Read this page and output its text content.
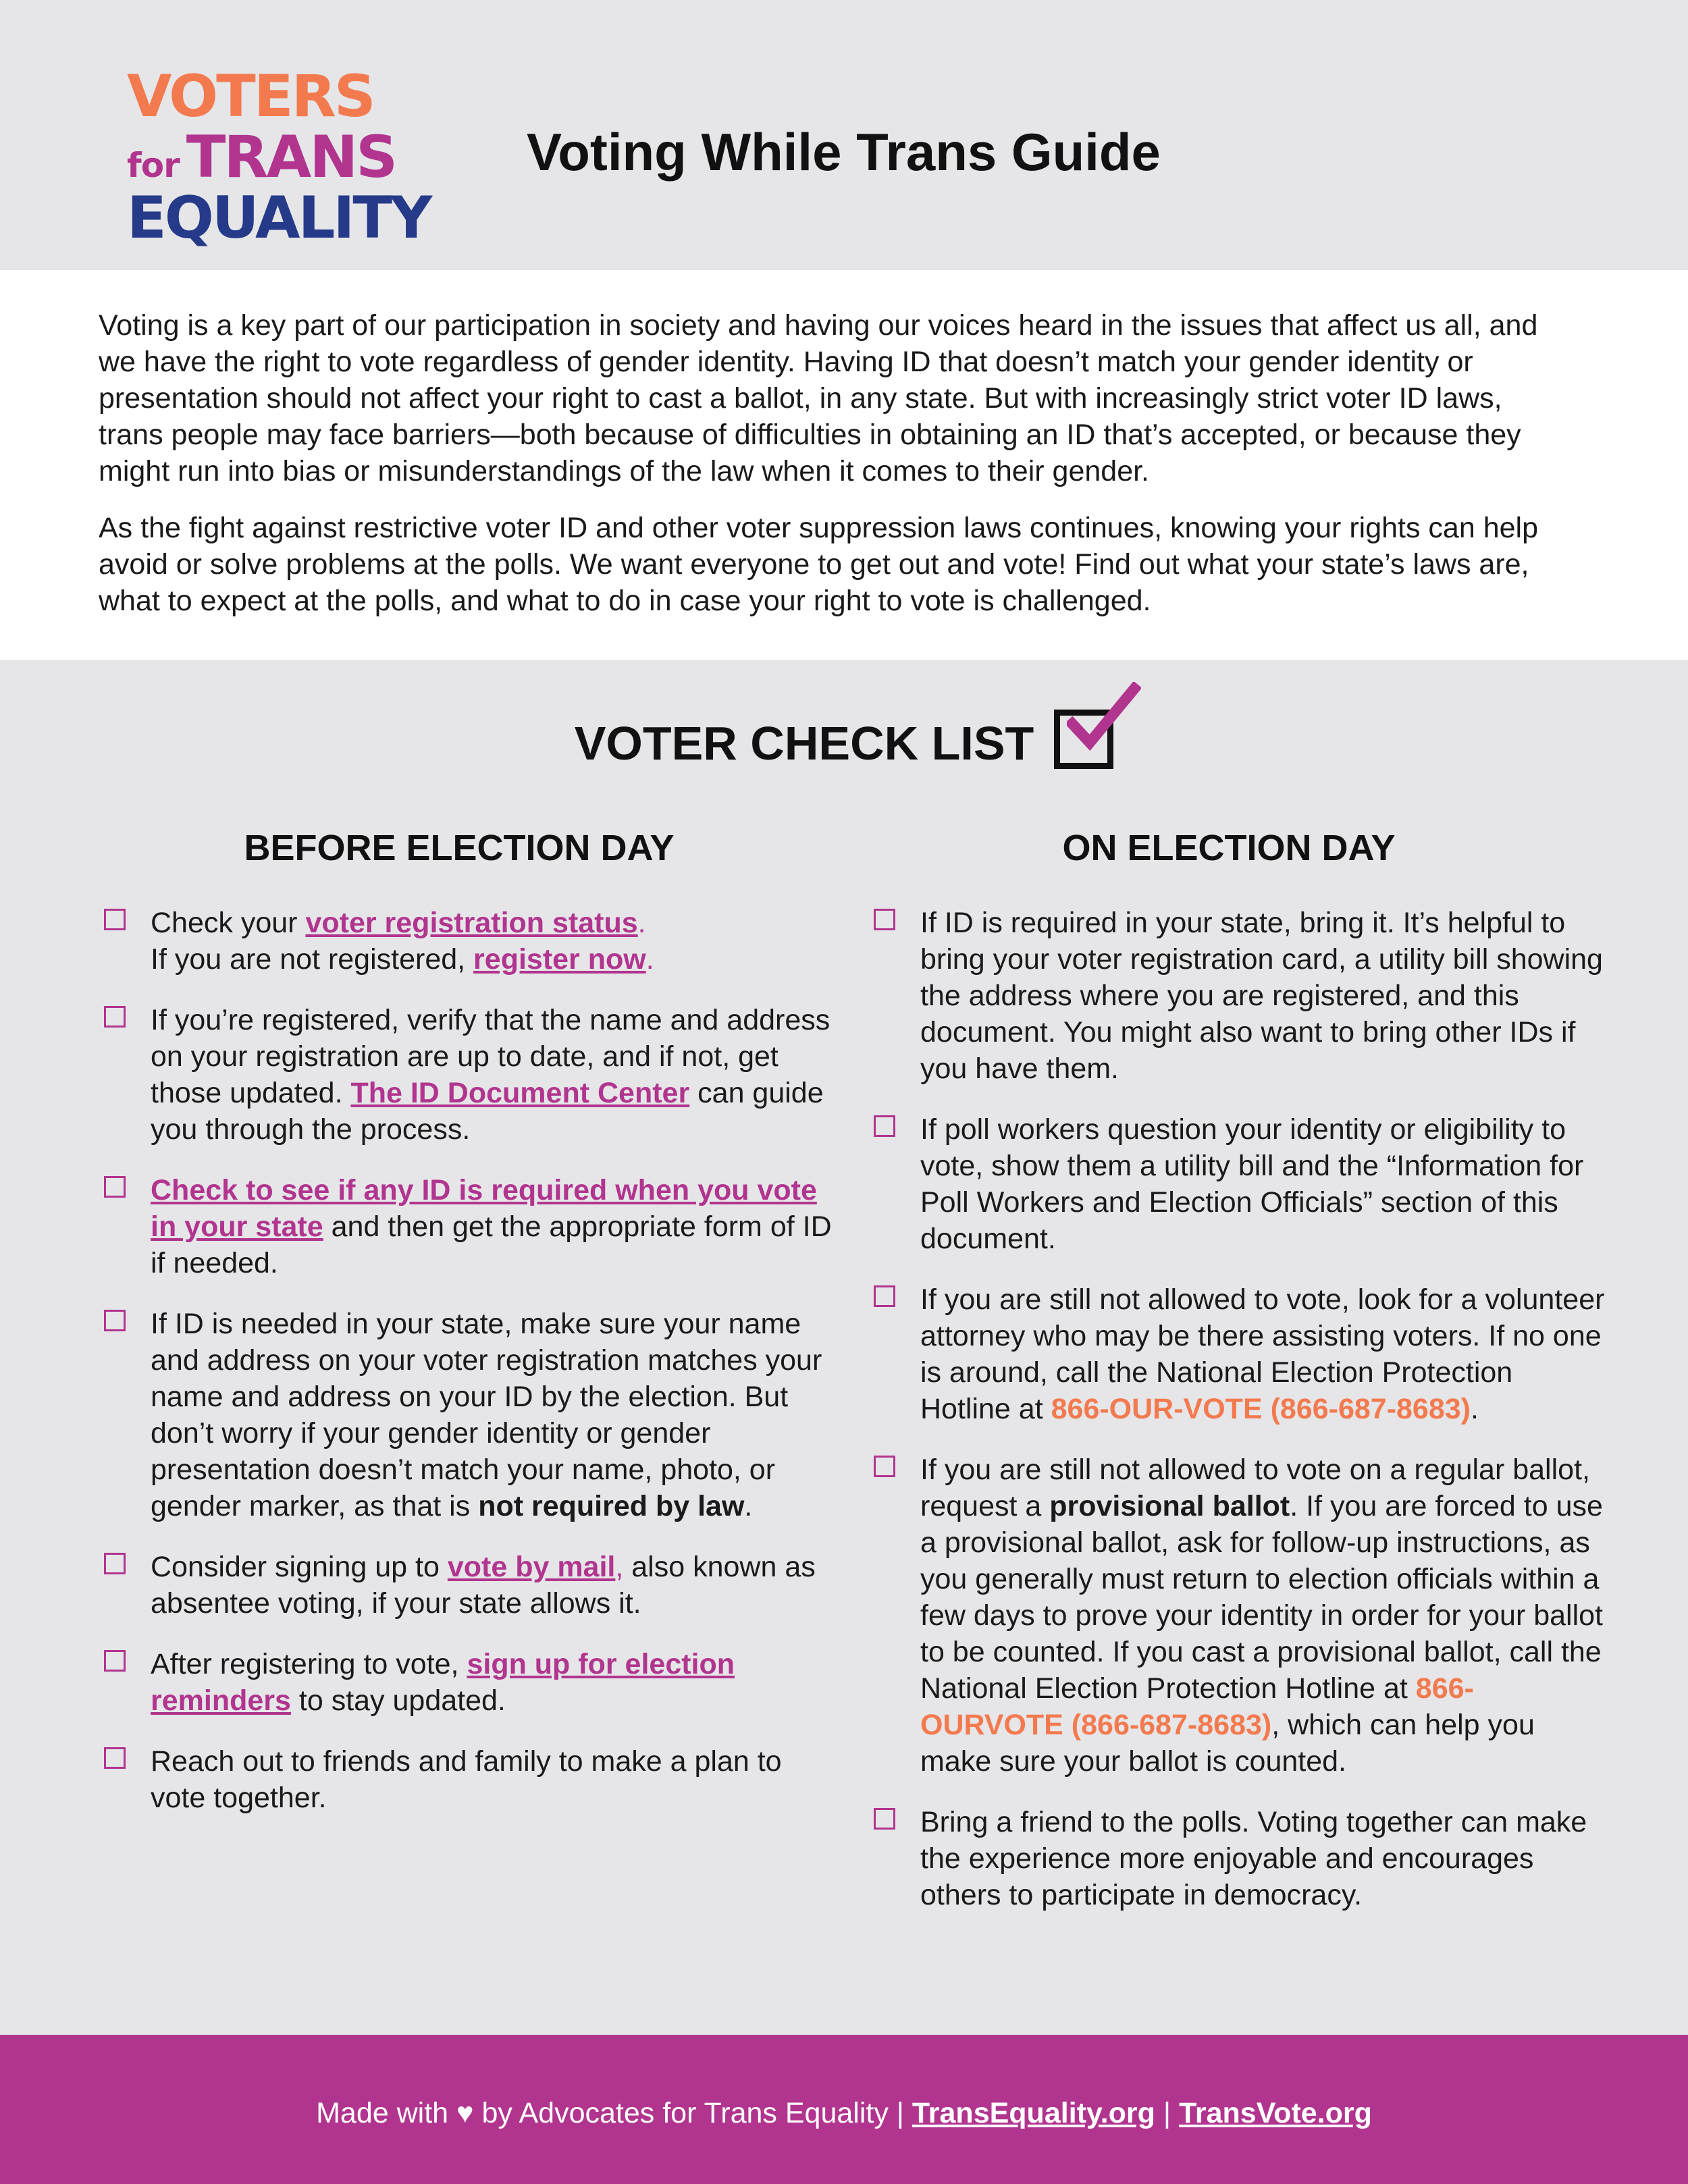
VOTERS
for TRANS
EQUALITY
Voting While Trans Guide

Voting is a key part of our participation in society and having our voices heard in the issues that affect us all, and we have the right to vote regardless of gender identity. Having ID that doesn’t match your gender identity or presentation should not affect your right to cast a ballot, in any state. But with increasingly strict voter ID laws, trans people may face barriers—both because of difficulties in obtaining an ID that’s accepted, or because they might run into bias or misunderstandings of the law when it comes to their gender.

As the fight against restrictive voter ID and other voter suppression laws continues, knowing your rights can help avoid or solve problems at the polls. We want everyone to get out and vote! Find out what your state’s laws are, what to expect at the polls, and what to do in case your right to vote is challenged.

VOTER CHECK LIST
BEFORE ELECTION DAY	ON ELECTION DAY
Check your voter registration status.
If you are not registered, register now.
If you’re registered, verify that the name and address on your registration are up to date, and if not, get those updated. The ID Document Center can guide you through the process.
Check to see if any ID is required when you vote in your state and then get the appropriate form of ID if needed.
If ID is needed in your state, make sure your name and address on your voter registration matches your name and address on your ID by the election. But don’t worry if your gender identity or gender presentation doesn’t match your name, photo, or gender marker, as that is not required by law.
Consider signing up to vote by mail, also known as absentee voting, if your state allows it.
After registering to vote, sign up for election reminders to stay updated.
Reach out to friends and family to make a plan to vote together.
If ID is required in your state, bring it. It’s helpful to bring your voter registration card, a utility bill showing the address where you are registered, and this document. You might also want to bring other IDs if you have them.
If poll workers question your identity or eligibility to vote, show them a utility bill and the “Information for Poll Workers and Election Officials” section of this document.
If you are still not allowed to vote, look for a volunteer attorney who may be there assisting voters. If no one is around, call the National Election Protection Hotline at 866-OUR-VOTE (866-687-8683).
If you are still not allowed to vote on a regular ballot, request a provisional ballot. If you are forced to use a provisional ballot, ask for follow-up instructions, as you generally must return to election officials within a few days to prove your identity in order for your ballot to be counted. If you cast a provisional ballot, call the National Election Protection Hotline at 866-OURVOTE (866-687-8683), which can help you make sure your ballot is counted.
Bring a friend to the polls. Voting together can make the experience more enjoyable and encourages others to participate in democracy.
Made with ♥ by Advocates for Trans Equality | TransEquality.org | TransVote.org
